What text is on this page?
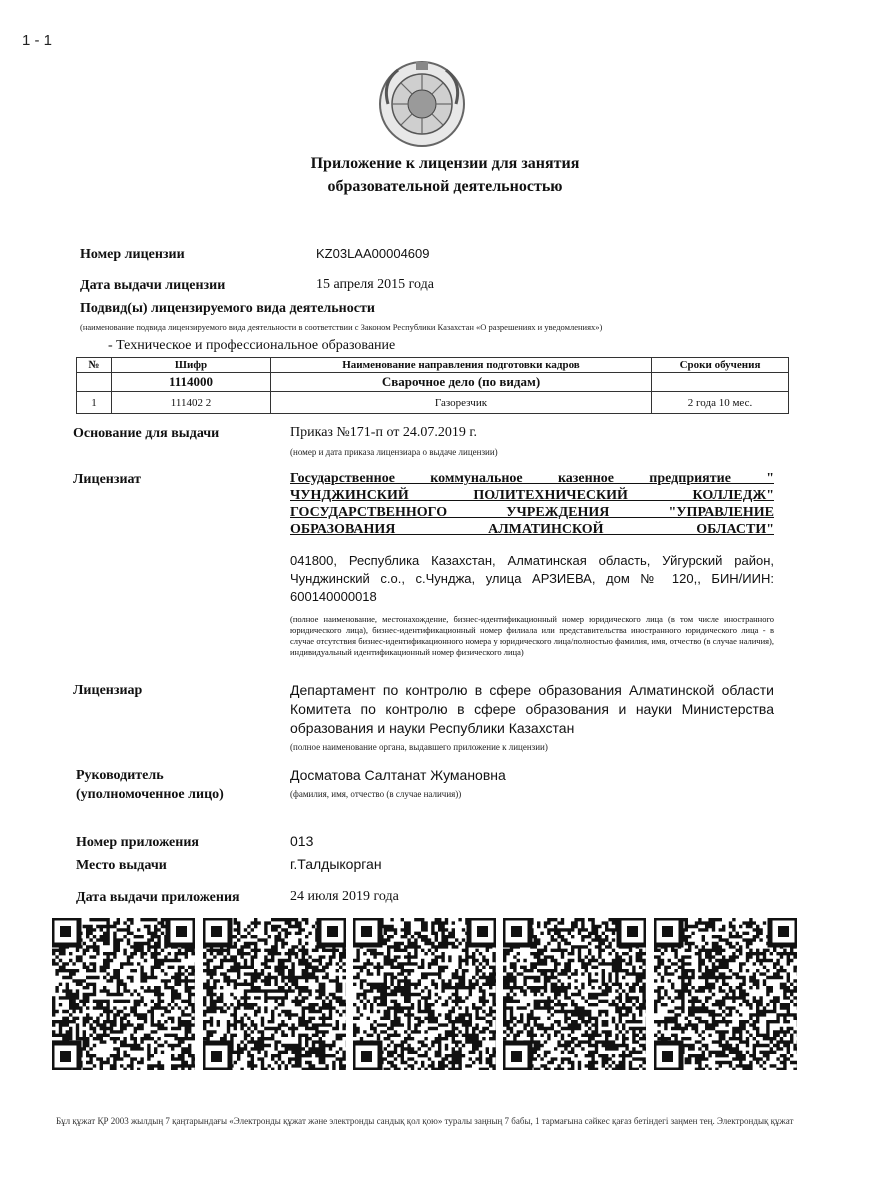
1 - 1
Приложение к лицензии для занятия образовательной деятельностью
Номер лицензии	KZ03LAA00004609
Дата выдачи лицензии	15 апреля 2015 года
Подвид(ы) лицензируемого вида деятельности
(наименование подвида лицензируемого вида деятельности в соответствии с Законом Республики Казахстан «О разрешениях и уведомлениях»)
- Техническое и профессиональное образование
№	Шифр	Наименование направления подготовки кадров	Сроки обучения
	1114000	Сварочное дело (по видам)	
1	111402 2	Газорезчик	2 года 10 мес.
Основание для выдачи	Приказ №171-п от 24.07.2019 г.
(номер и дата приказа лицензиара о выдаче лицензии)
Лицензиат	Государственное коммунальное казенное предприятие "
ЧУНДЖИНСКИЙ ПОЛИТЕХНИЧЕСКИЙ КОЛЛЕДЖ"
ГОСУДАРСТВЕННОГО УЧРЕЖДЕНИЯ "УПРАВЛЕНИЕ
ОБРАЗОВАНИЯ АЛМАТИНСКОЙ ОБЛАСТИ"
041800, Республика Казахстан, Алматинская область, Уйгурский район, Чунджинский с.о., с.Чунджа, улица АРЗИЕВА, дом № 120,, БИН/ИИН: 600140000018
(полное наименование, местонахождение, бизнес-идентификационный номер юридического лица (в том числе иностранного юридического лица), бизнес-идентификационный номер филиала или представительства иностранного юридического лица - в случае отсутствия бизнес-идентификационного номера у юридического лица/полностью фамилия, имя, отчество (в случае наличия), индивидуальный идентификационный номер физического лица)
Лицензиар	Департамент по контролю в сфере образования Алматинской области Комитета по контролю в сфере образования и науки Министерства образования и науки Республики Казахстан
(полное наименование органа, выдавшего приложение к лицензии)
Руководитель
(уполномоченное лицо)
Досматова Салтанат Жумановна
(фамилия, имя, отчество (в случае наличия))
Номер приложения	013
Место выдачи	г.Талдыкорган
Дата выдачи приложения	24 июля 2019 года
Бұл құжат ҚР 2003 жылдың 7 қаңтарындағы «Электронды құжат және электронды сандық қол қою» туралы заңның 7 бабы, 1 тармағына сәйкес қағаз бетіндегі заңмен тең. Электрондық құжат
